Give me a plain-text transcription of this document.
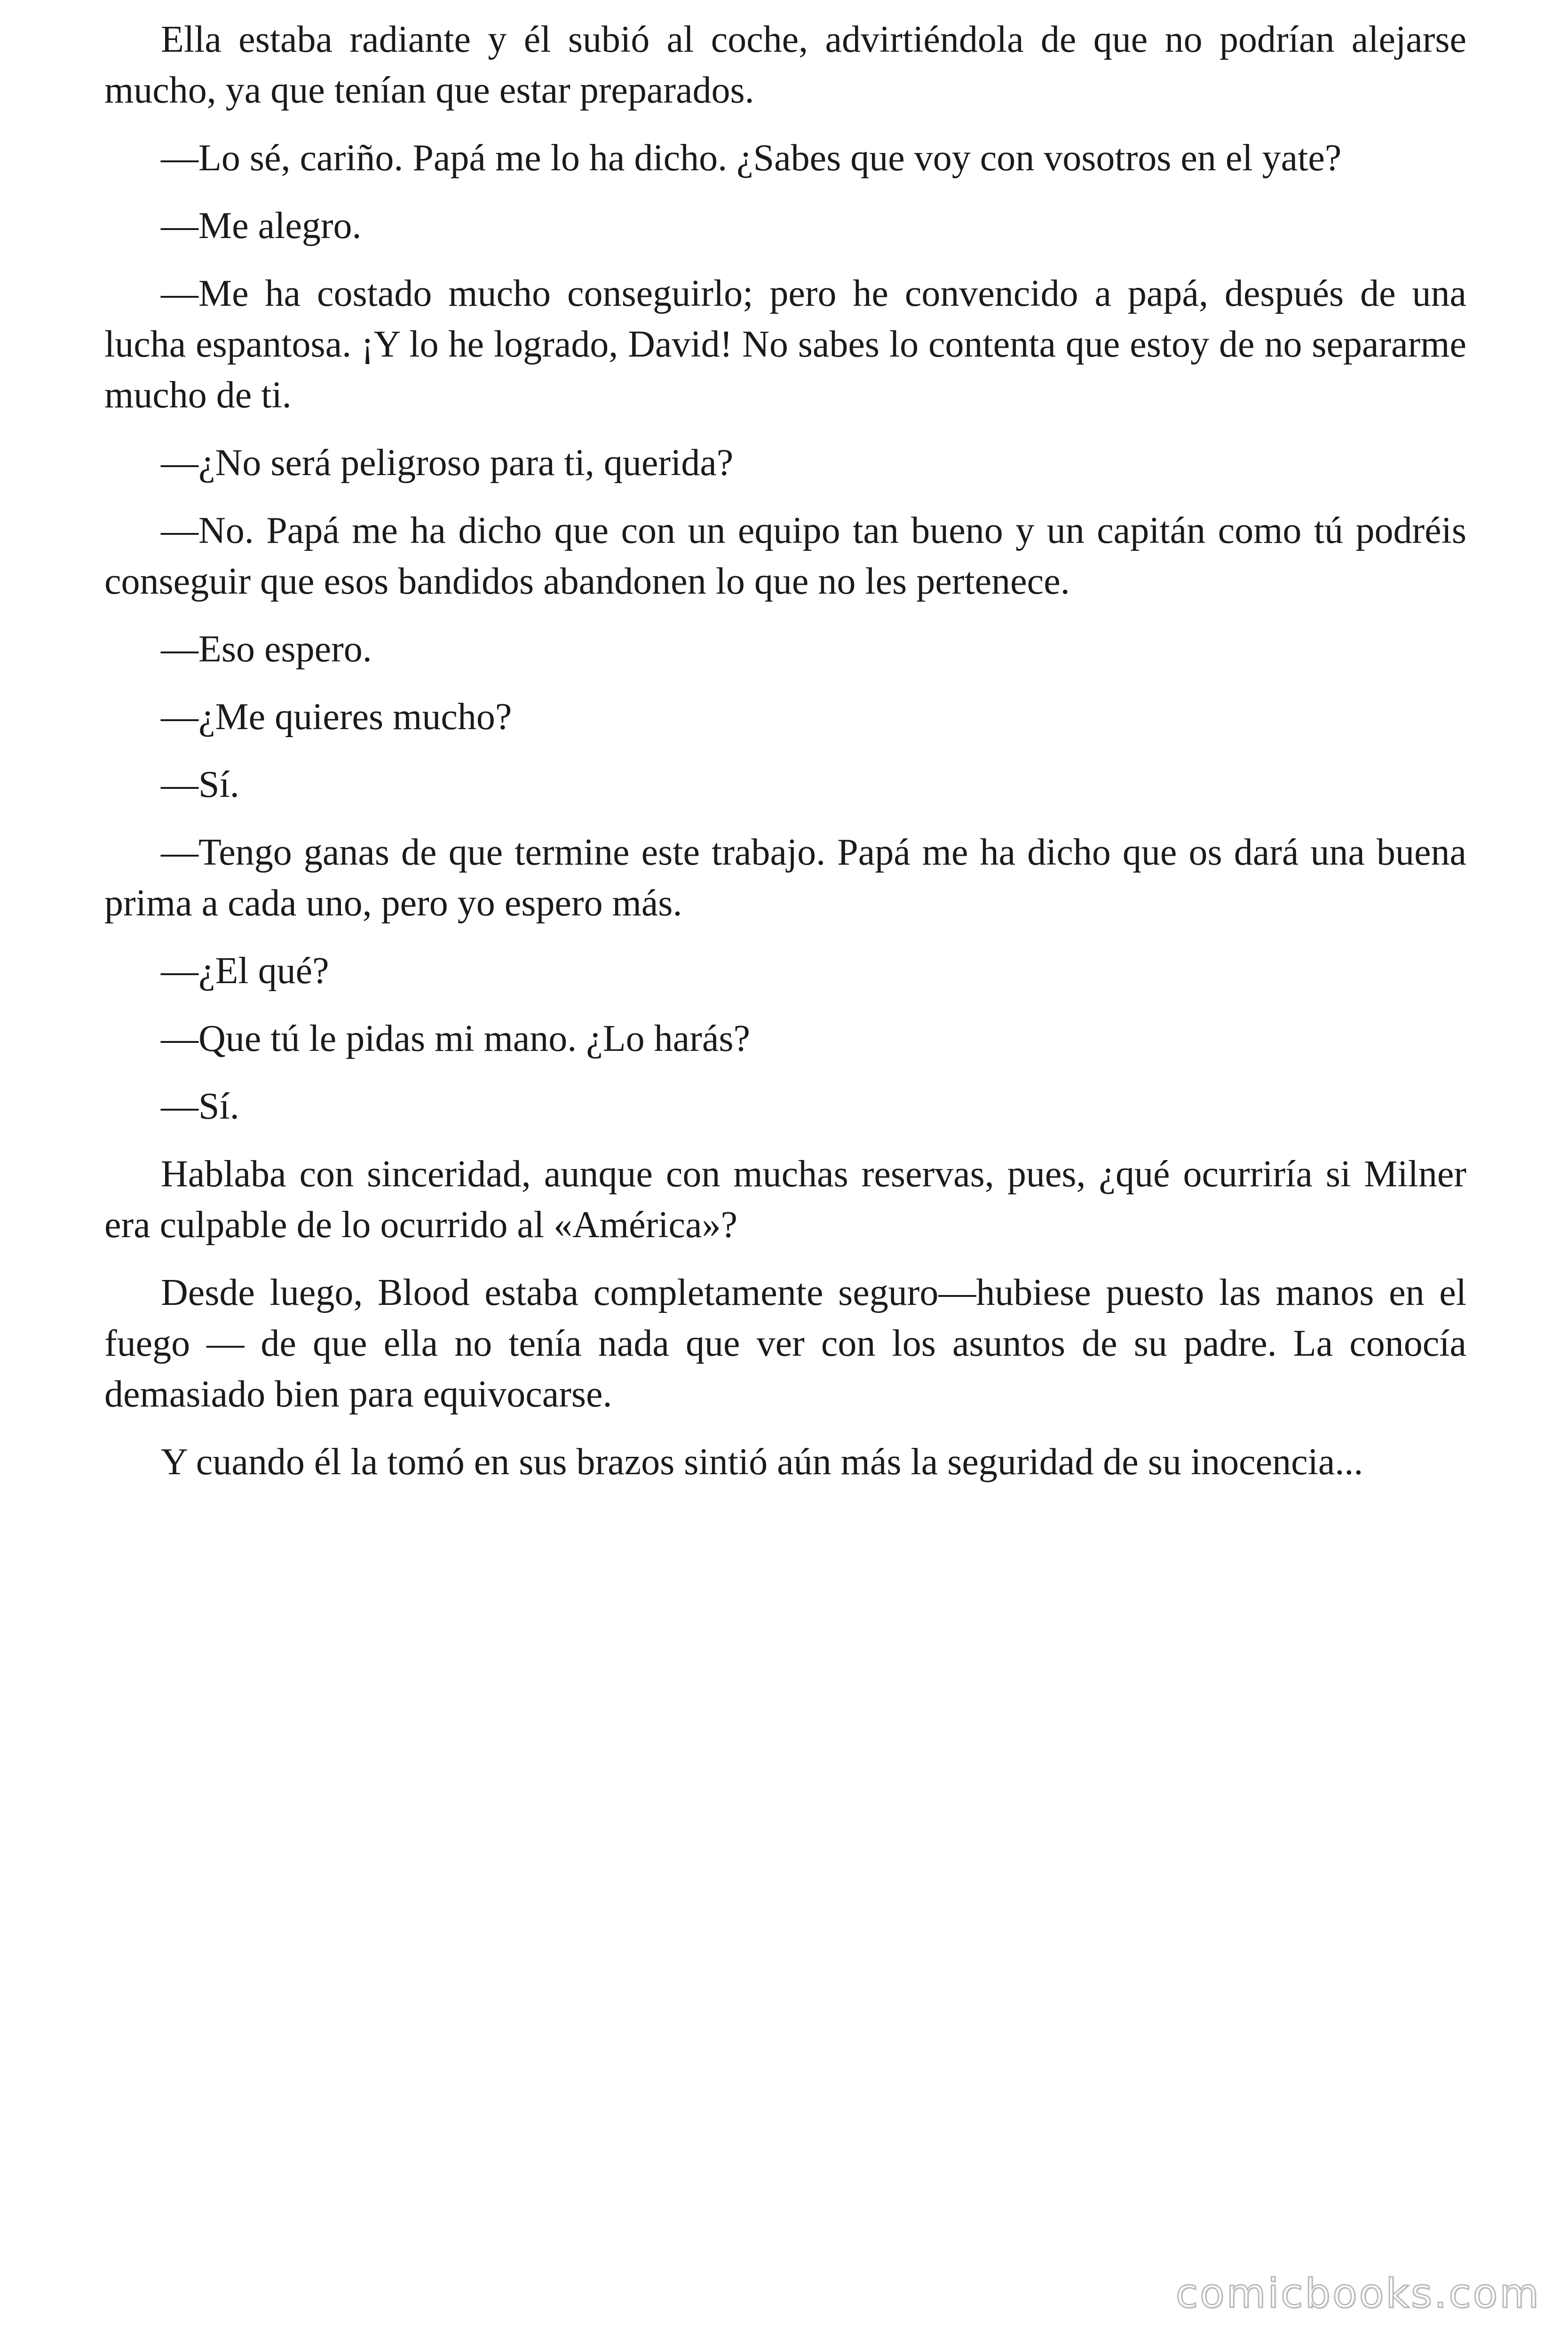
Ella estaba radiante y él subió al coche, advirtiéndola de que no podrían alejarse mucho, ya que tenían que estar preparados.

—Lo sé, cariño. Papá me lo ha dicho. ¿Sabes que voy con vosotros en el yate?

—Me alegro.

—Me ha costado mucho conseguirlo; pero he convencido a papá, después de una lucha espantosa. ¡Y lo he logrado, David! No sabes lo contenta que estoy de no separarme mucho de ti.

—¿No será peligroso para ti, querida?

—No. Papá me ha dicho que con un equipo tan bueno y un capitán como tú podréis conseguir que esos bandidos abandonen lo que no les pertenece.

—Eso espero.

—¿Me quieres mucho?

—Sí.

—Tengo ganas de que termine este trabajo. Papá me ha dicho que os dará una buena prima a cada uno, pero yo espero más.

—¿El qué?

—Que tú le pidas mi mano. ¿Lo harás?

—Sí.

Hablaba con sinceridad, aunque con muchas reservas, pues, ¿qué ocurriría si Milner era culpable de lo ocurrido al «América»?

Desde luego, Blood estaba completamente seguro—hubiese puesto las manos en el fuego — de que ella no tenía nada que ver con los asuntos de su padre. La conocía demasiado bien para equivocarse.

Y cuando él la tomó en sus brazos sintió aún más la seguridad de su inocencia...

comicbooks.com
